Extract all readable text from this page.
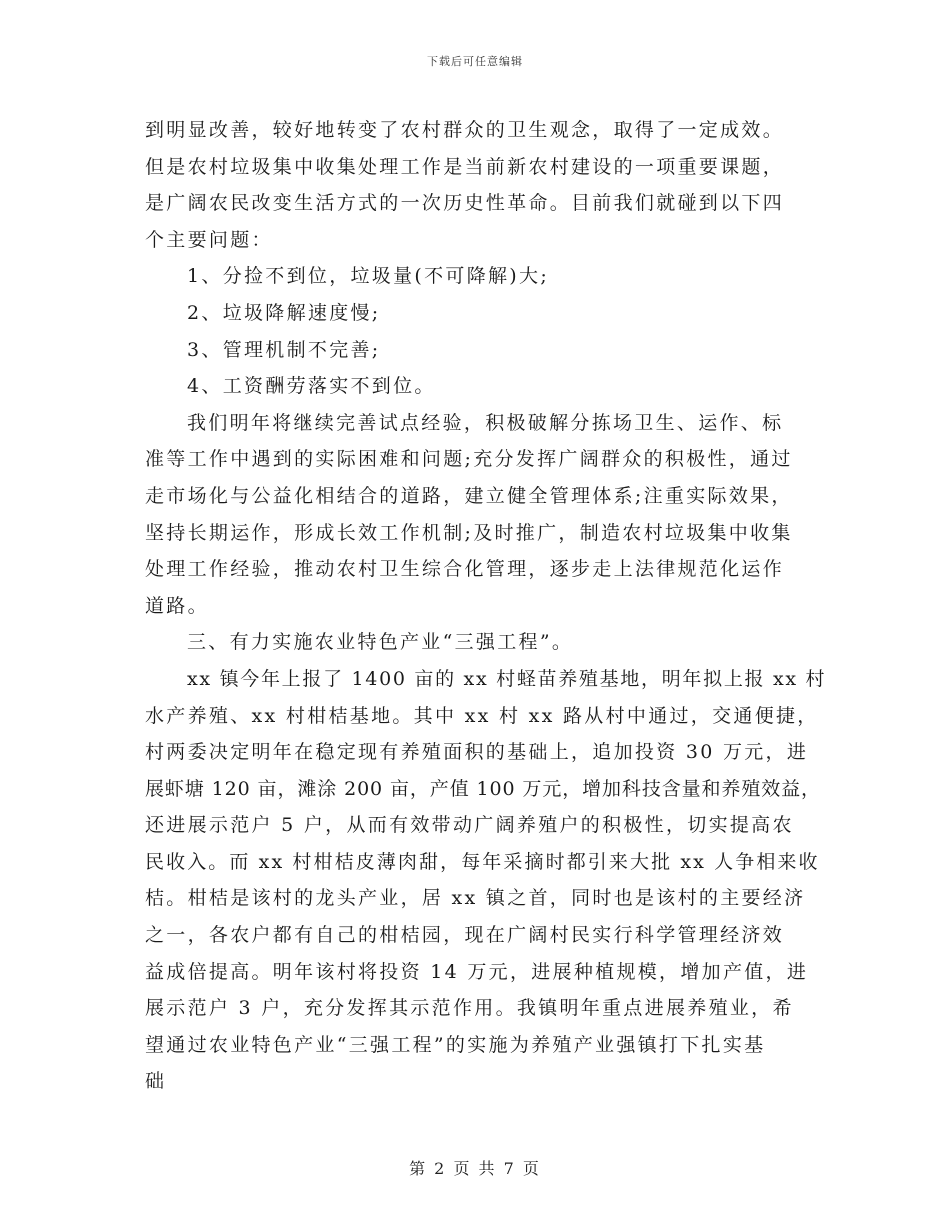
下载后可任意编辑
到明显改善，较好地转变了农村群众的卫生观念，取得了一定成效。
但是农村垃圾集中收集处理工作是当前新农村建设的一项重要课题，
是广阔农民改变生活方式的一次历史性革命。目前我们就碰到以下四
个主要问题：
1、分捡不到位，垃圾量(不可降解)大;
2、垃圾降解速度慢;
3、管理机制不完善;
4、工资酬劳落实不到位。
我们明年将继续完善试点经验，积极破解分拣场卫生、运作、标
准等工作中遇到的实际困难和问题;充分发挥广阔群众的积极性，通过
走市场化与公益化相结合的道路，建立健全管理体系;注重实际效果，
坚持长期运作，形成长效工作机制;及时推广，制造农村垃圾集中收集
处理工作经验，推动农村卫生综合化管理，逐步走上法律规范化运作
道路。
三、有力实施农业特色产业“三强工程”。
xx 镇今年上报了 1400 亩的 xx 村蛏苗养殖基地，明年拟上报 xx 村
水产养殖、xx 村柑桔基地。其中 xx 村 xx 路从村中通过，交通便捷，
村两委决定明年在稳定现有养殖面积的基础上，追加投资 30 万元，进
展虾塘 120 亩，滩涂 200 亩，产值 100 万元，增加科技含量和养殖效益，
还进展示范户 5 户，从而有效带动广阔养殖户的积极性，切实提高农
民收入。而 xx 村柑桔皮薄肉甜，每年采摘时都引来大批 xx 人争相来收
桔。柑桔是该村的龙头产业，居 xx 镇之首，同时也是该村的主要经济
之一，各农户都有自己的柑桔园，现在广阔村民实行科学管理经济效
益成倍提高。明年该村将投资 14 万元，进展种植规模，增加产值，进
展示范户 3 户，充分发挥其示范作用。我镇明年重点进展养殖业，希
望通过农业特色产业“三强工程”的实施为养殖产业强镇打下扎实基
础
第 2 页 共 7 页
